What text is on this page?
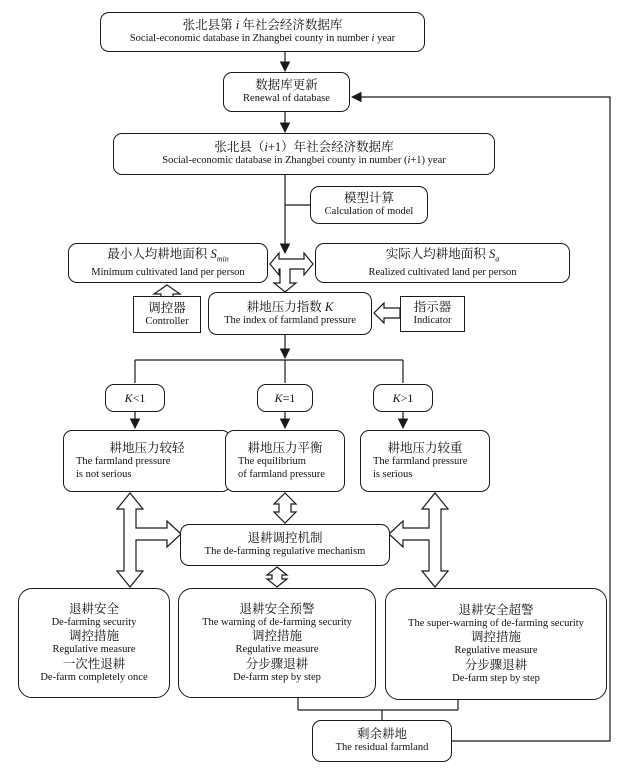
张北县第 i 年社会经济数据库
Social-economic database in Zhangbei county in number i year
数据库更新
Renewal of database
张北县（i+1）年社会经济数据库
Social-economic database in Zhangbei county in number (i+1) year
模型计算
Calculation of model
最小人均耕地面积 $S_{min}$
Minimum cultivated land per person
实际人均耕地面积 $S_a$
Realized cultivated land per person
调控器
Controller
耕地压力指数 K
The index of farmland pressure
指示器
Indicator
K<1	K=1	K>1
耕地压力较轻
The farmland pressure
is not serious
耕地压力平衡
The equilibrium
of farmland pressure
耕地压力较重
The farmland pressure
is serious
退耕调控机制
The de-farming regulative mechanism
退耕安全
De-farming security
调控措施
Regulative measure
一次性退耕
De-farm completely once
退耕安全预警
The warning of de-farming security
调控措施
Regulative measure
分步骤退耕
De-farm step by step
退耕安全超警
The super-warning of de-farming security
调控措施
Regulative measure
分步骤退耕
De-farm step by step
剩余耕地
The residual farmland
